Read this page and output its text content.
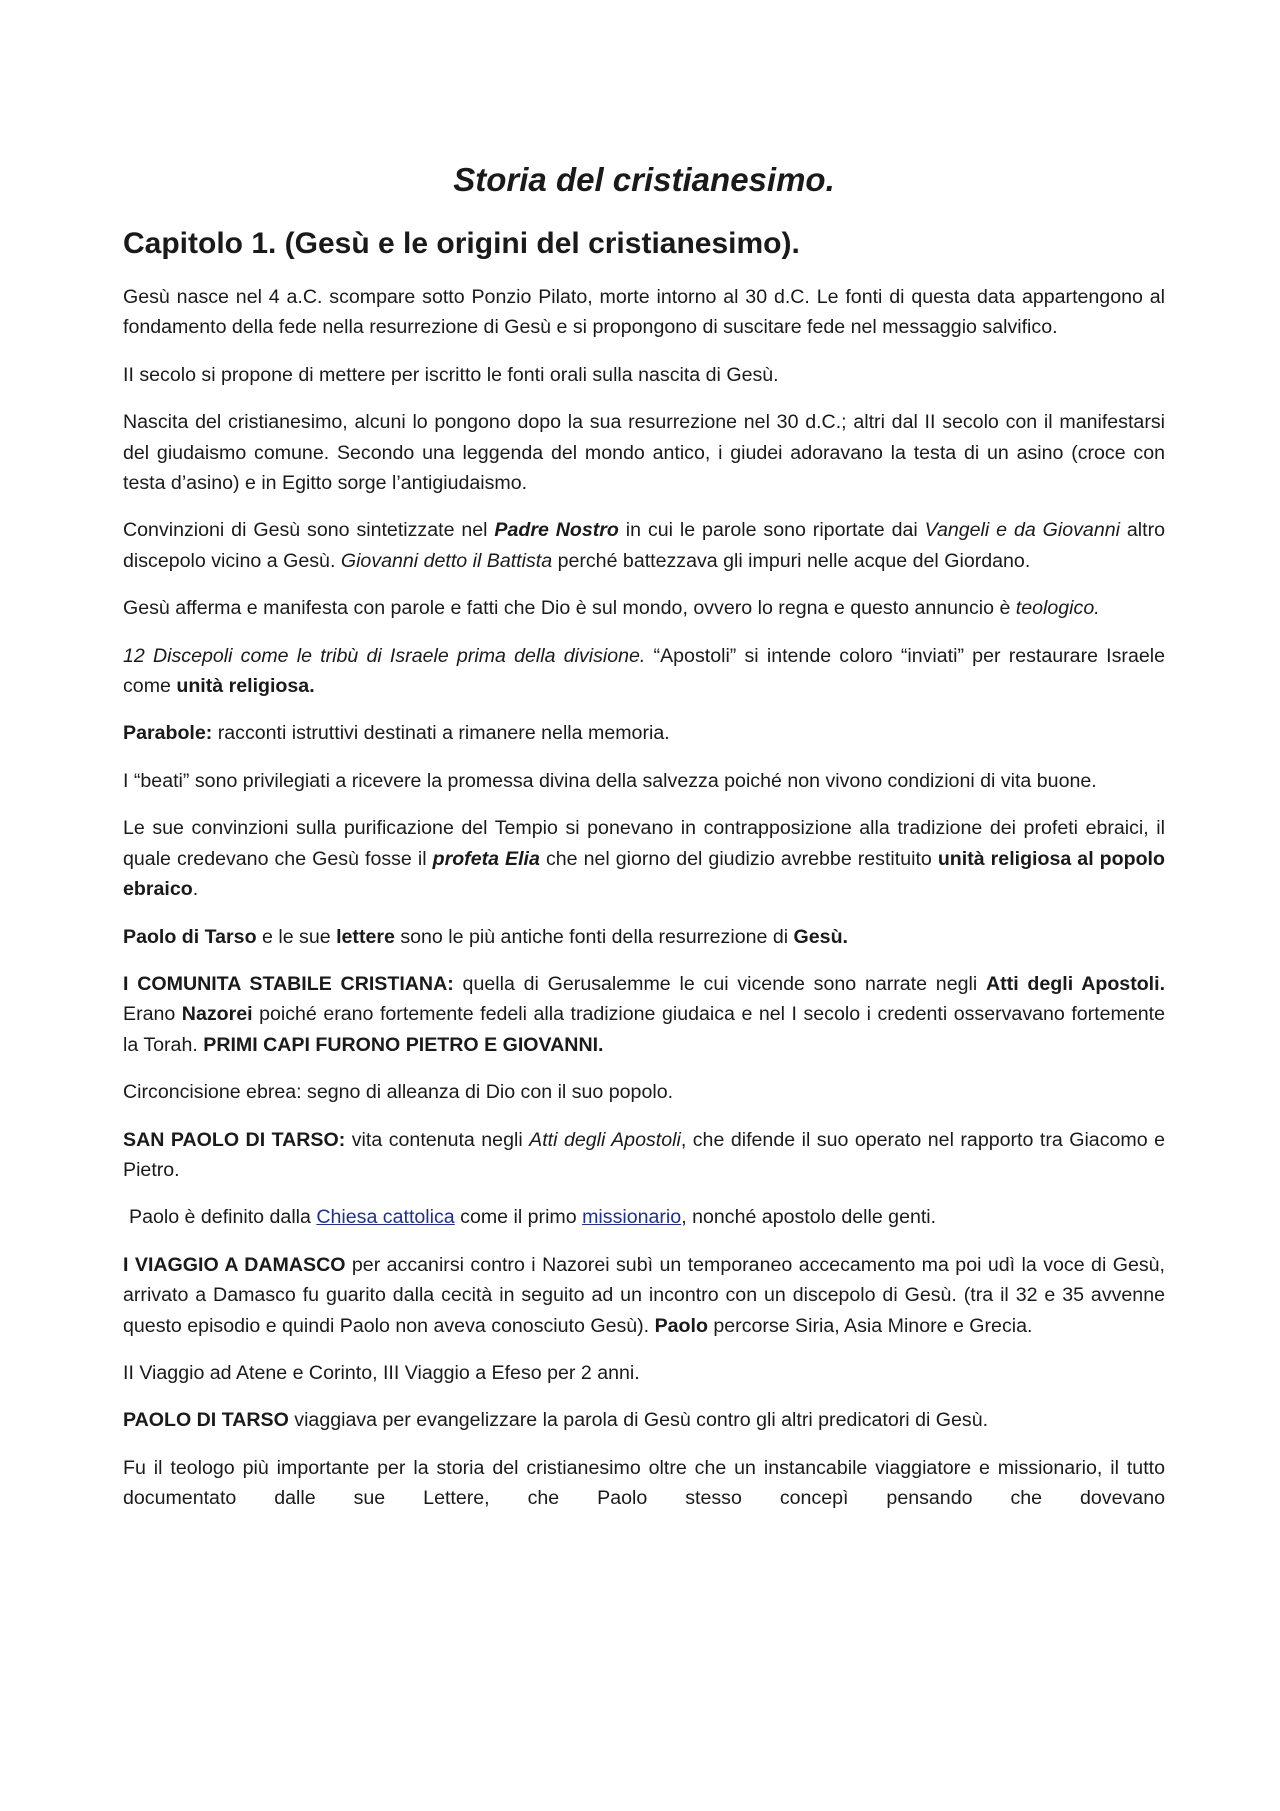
Storia del cristianesimo.
Capitolo 1. (Gesù e le origini del cristianesimo).

Gesù nasce nel 4 a.C. scompare sotto Ponzio Pilato, morte intorno al 30 d.C. Le fonti di questa data appartengono al fondamento della fede nella resurrezione di Gesù e si propongono di suscitare fede nel messaggio salvifico.

II secolo si propone di mettere per iscritto le fonti orali sulla nascita di Gesù.

Nascita del cristianesimo, alcuni lo pongono dopo la sua resurrezione nel 30 d.C.; altri dal II secolo con il manifestarsi del giudaismo comune. Secondo una leggenda del mondo antico, i giudei adoravano la testa di un asino (croce con testa d’asino) e in Egitto sorge l’antigiudaismo.

Convinzioni di Gesù sono sintetizzate nel Padre Nostro in cui le parole sono riportate dai Vangeli e da Giovanni altro discepolo vicino a Gesù. Giovanni detto il Battista perché battezzava gli impuri nelle acque del Giordano.

Gesù afferma e manifesta con parole e fatti che Dio è sul mondo, ovvero lo regna e questo annuncio è teologico.

12 Discepoli come le tribù di Israele prima della divisione. “Apostoli” si intende coloro “inviati” per restaurare Israele come unità religiosa.

Parabole: racconti istruttivi destinati a rimanere nella memoria.

I “beati” sono privilegiati a ricevere la promessa divina della salvezza poiché non vivono condizioni di vita buone.

Le sue convinzioni sulla purificazione del Tempio si ponevano in contrapposizione alla tradizione dei profeti ebraici, il quale credevano che Gesù fosse il profeta Elia che nel giorno del giudizio avrebbe restituito unità religiosa al popolo ebraico.

Paolo di Tarso e le sue lettere sono le più antiche fonti della resurrezione di Gesù.

I COMUNITA STABILE CRISTIANA: quella di Gerusalemme le cui vicende sono narrate negli Atti degli Apostoli. Erano Nazorei poiché erano fortemente fedeli alla tradizione giudaica e nel I secolo i credenti osservavano fortemente la Torah. PRIMI CAPI FURONO PIETRO E GIOVANNI.

Circoncisione ebrea: segno di alleanza di Dio con il suo popolo.

SAN PAOLO DI TARSO: vita contenuta negli Atti degli Apostoli, che difende il suo operato nel rapporto tra Giacomo e Pietro.

Paolo è definito dalla Chiesa cattolica come il primo missionario, nonché apostolo delle genti.

I VIAGGIO A DAMASCO per accanirsi contro i Nazorei subì un temporaneo accecamento ma poi udì la voce di Gesù, arrivato a Damasco fu guarito dalla cecità in seguito ad un incontro con un discepolo di Gesù. (tra il 32 e 35 avvenne questo episodio e quindi Paolo non aveva conosciuto Gesù). Paolo percorse Siria, Asia Minore e Grecia.

II Viaggio ad Atene e Corinto, III Viaggio a Efeso per 2 anni.

PAOLO DI TARSO viaggiava per evangelizzare la parola di Gesù contro gli altri predicatori di Gesù.

Fu il teologo più importante per la storia del cristianesimo oltre che un instancabile viaggiatore e missionario, il tutto documentato dalle sue Lettere, che Paolo stesso concepì pensando che dovevano
